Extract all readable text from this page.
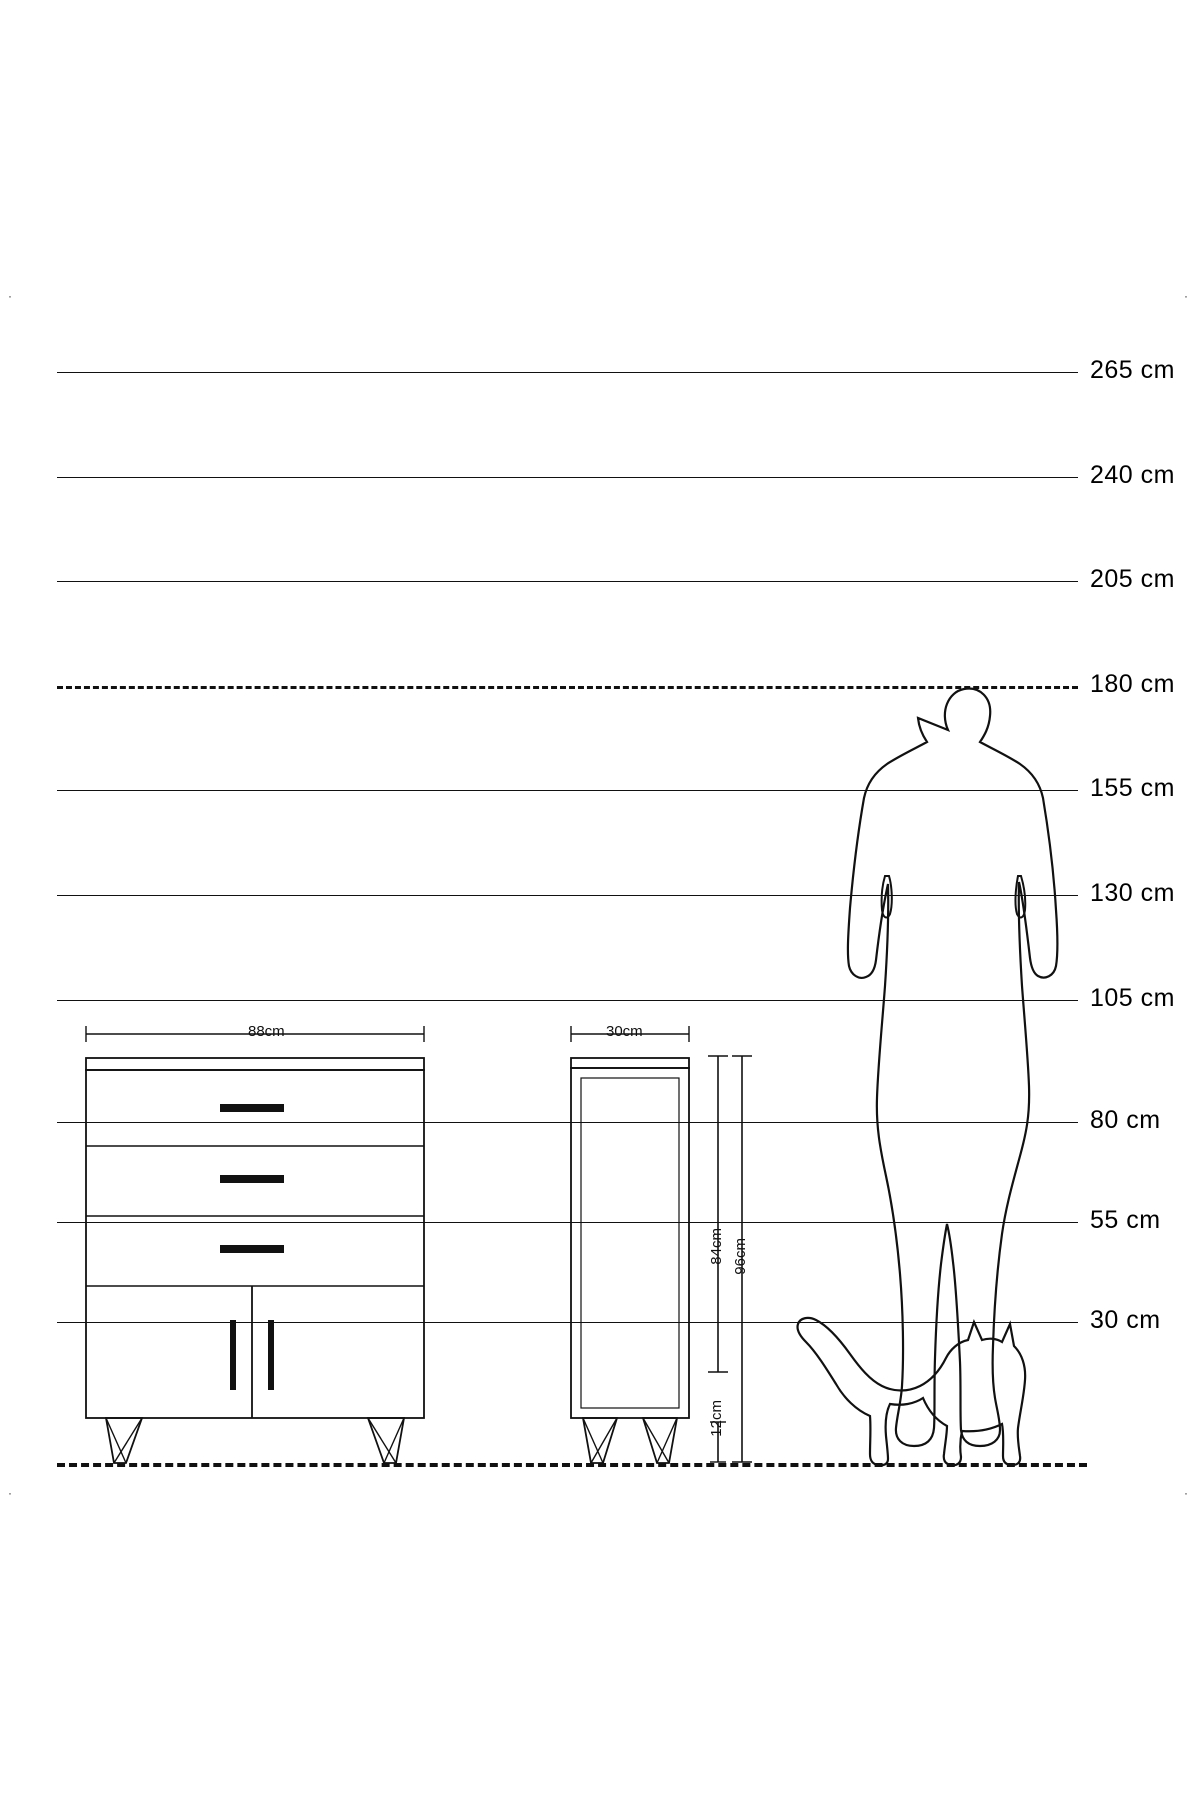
·	·
·	·
265 cm
240 cm
205 cm
180 cm
155 cm
130 cm
105 cm
80 cm
55 cm
30 cm
88cm	30cm
84cm 96cm
12cm
